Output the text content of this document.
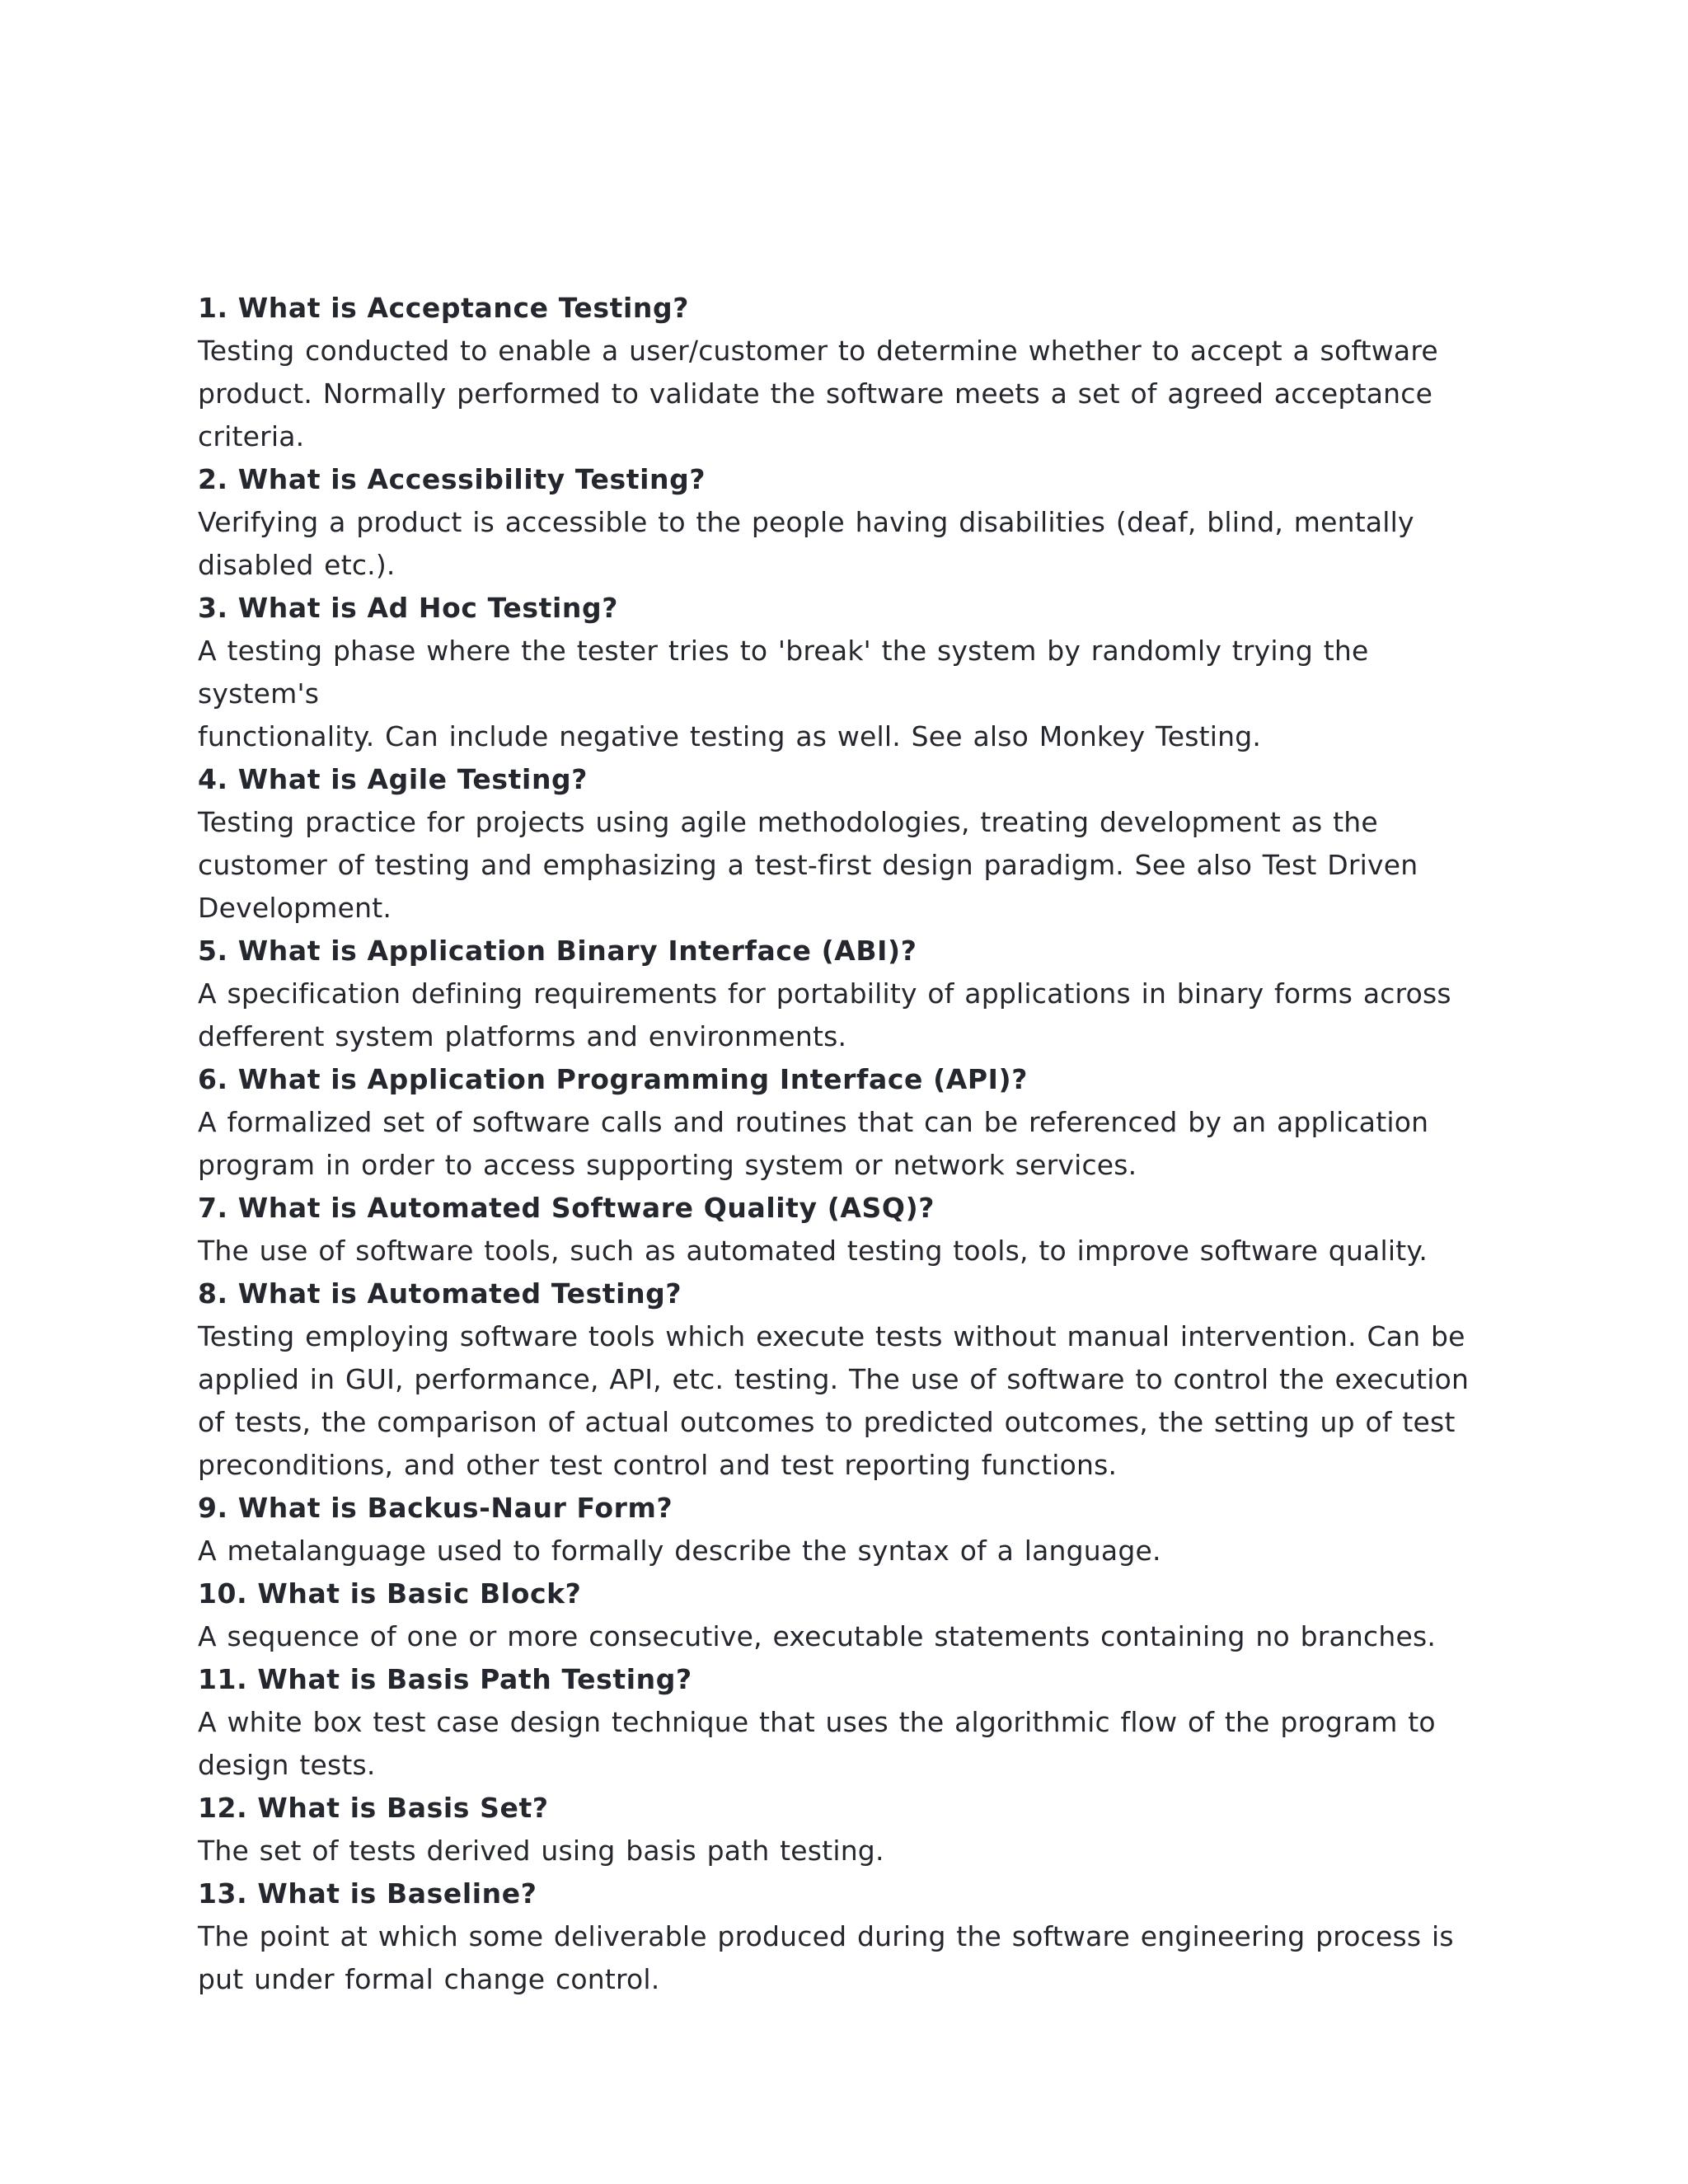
1. What is Acceptance Testing?
Testing conducted to enable a user/customer to determine whether to accept a software
product. Normally performed to validate the software meets a set of agreed acceptance
criteria.
2. What is Accessibility Testing?
Verifying a product is accessible to the people having disabilities (deaf, blind, mentally
disabled etc.).
3. What is Ad Hoc Testing?
A testing phase where the tester tries to 'break' the system by randomly trying the system's
functionality. Can include negative testing as well. See also Monkey Testing.
4. What is Agile Testing?
Testing practice for projects using agile methodologies, treating development as the
customer of testing and emphasizing a test-first design paradigm. See also Test Driven
Development.
5. What is Application Binary Interface (ABI)?
A specification defining requirements for portability of applications in binary forms across
defferent system platforms and environments.
6. What is Application Programming Interface (API)?
A formalized set of software calls and routines that can be referenced by an application
program in order to access supporting system or network services.
7. What is Automated Software Quality (ASQ)?
The use of software tools, such as automated testing tools, to improve software quality.
8. What is Automated Testing?
Testing employing software tools which execute tests without manual intervention. Can be
applied in GUI, performance, API, etc. testing. The use of software to control the execution
of tests, the comparison of actual outcomes to predicted outcomes, the setting up of test
preconditions, and other test control and test reporting functions.
9. What is Backus-Naur Form?
A metalanguage used to formally describe the syntax of a language.
10. What is Basic Block?
A sequence of one or more consecutive, executable statements containing no branches.
11. What is Basis Path Testing?
A white box test case design technique that uses the algorithmic flow of the program to
design tests.
12. What is Basis Set?
The set of tests derived using basis path testing.
13. What is Baseline?
The point at which some deliverable produced during the software engineering process is
put under formal change control.
